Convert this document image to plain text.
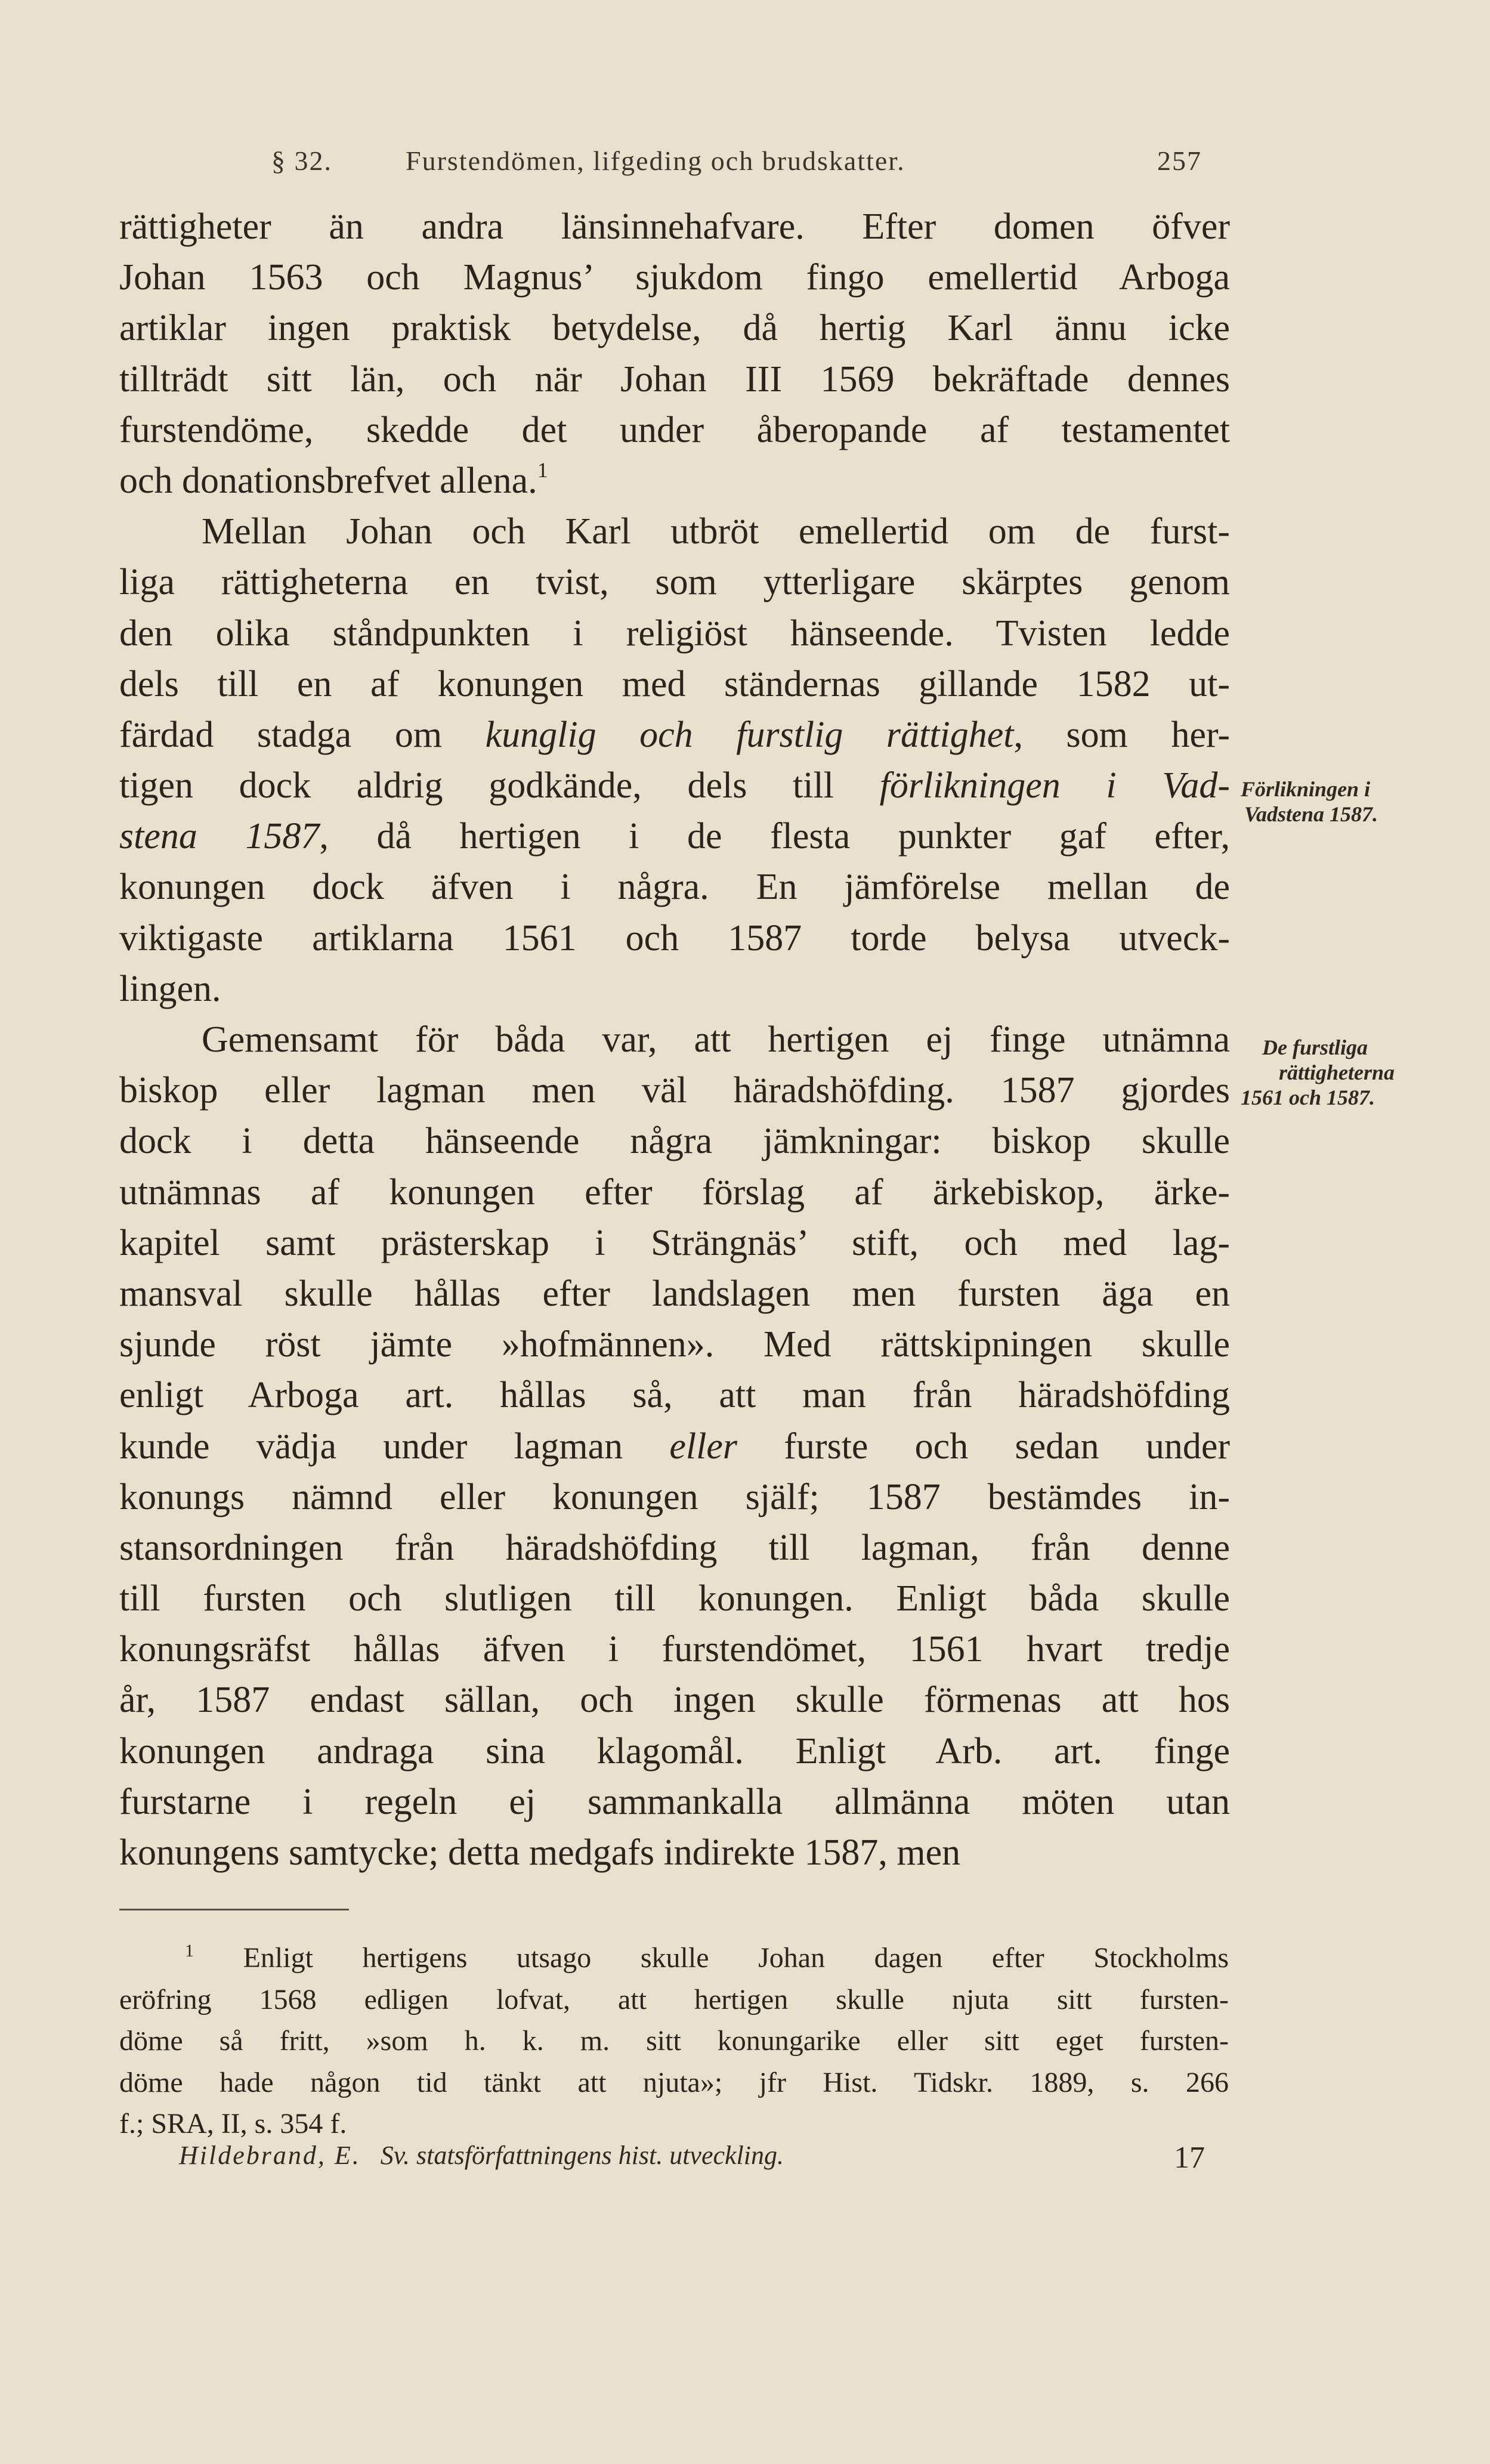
§ 32.	Furstendömen, lifgeding och brudskatter.	257
rättigheter än andra länsinnehafvare. Efter domen öfver
Johan 1563 och Magnus’ sjukdom fingo emellertid Arboga
artiklar ingen praktisk betydelse, då hertig Karl ännu icke
tillträdt sitt län, och när Johan III 1569 bekräftade dennes
furstendöme, skedde det under åberopande af testamentet
och donationsbrefvet allena.$^1$
Mellan Johan och Karl utbröt emellertid om de furst-
liga rättigheterna en tvist, som ytterligare skärptes genom
den olika ståndpunkten i religiöst hänseende. Tvisten ledde
dels till en af konungen med ständernas gillande 1582 ut-
färdad stadga om kunglig och furstlig rättighet, som her-
tigen dock aldrig godkände, dels till förlikningen i Vad-
stena 1587, då hertigen i de flesta punkter gaf efter,
konungen dock äfven i några. En jämförelse mellan de
viktigaste artiklarna 1561 och 1587 torde belysa utveck-
lingen.
Gemensamt för båda var, att hertigen ej finge utnämna
biskop eller lagman men väl häradshöfding. 1587 gjordes
dock i detta hänseende några jämkningar: biskop skulle
utnämnas af konungen efter förslag af ärkebiskop, ärke-
kapitel samt prästerskap i Strängnäs’ stift, och med lag-
mansval skulle hållas efter landslagen men fursten äga en
sjunde röst jämte »hofmännen». Med rättskipningen skulle
enligt Arboga art. hållas så, att man från häradshöfding
kunde vädja under lagman eller furste och sedan under
konungs nämnd eller konungen själf; 1587 bestämdes in-
stansordningen från häradshöfding till lagman, från denne
till fursten och slutligen till konungen. Enligt båda skulle
konungsräfst hållas äfven i furstendömet, 1561 hvart tredje
år, 1587 endast sällan, och ingen skulle förmenas att hos
konungen andraga sina klagomål. Enligt Arb. art. finge
furstarne i regeln ej sammankalla allmänna möten utan
konungens samtycke; detta medgafs indirekte 1587, men
Förlikningen i
Vadstena 1587.
De furstliga
rättigheterna
1561 och 1587.
$^1$ Enligt hertigens utsago skulle Johan dagen efter Stockholms
eröfring 1568 edligen lofvat, att hertigen skulle njuta sitt fursten-
döme så fritt, »som h. k. m. sitt konungarike eller sitt eget fursten-
döme hade någon tid tänkt att njuta»; jfr Hist. Tidskr. 1889, s. 266
f.; SRA, II, s. 354 f.
Hildebrand, E. Sv. statsförfattningens hist. utveckling.	17
